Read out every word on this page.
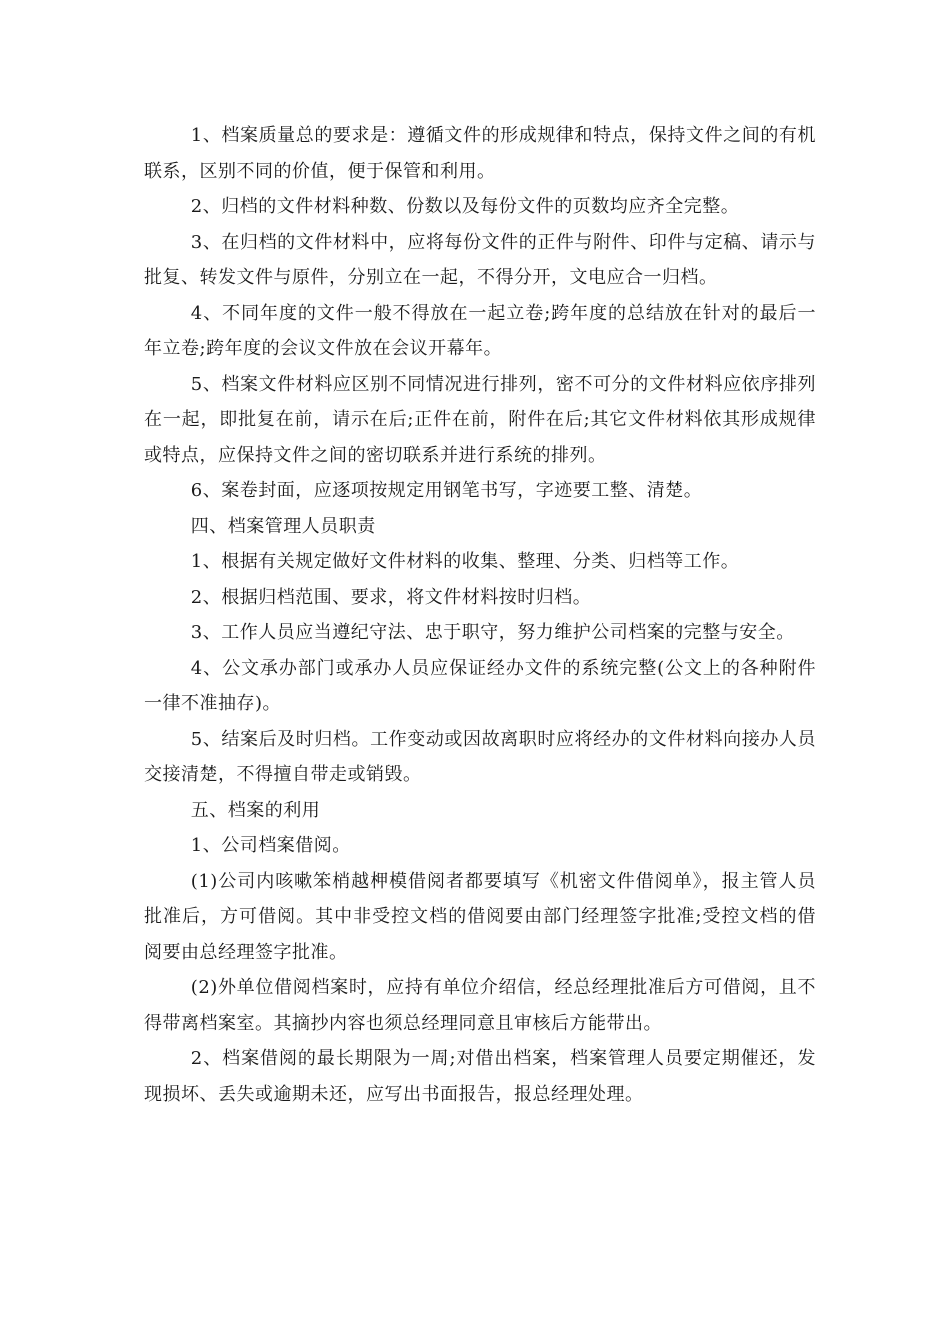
1、档案质量总的要求是：遵循文件的形成规律和特点，保持文件之间的有机联系，区别不同的价值，便于保管和利用。

2、归档的文件材料种数、份数以及每份文件的页数均应齐全完整。

3、在归档的文件材料中，应将每份文件的正件与附件、印件与定稿、请示与批复、转发文件与原件，分别立在一起，不得分开，文电应合一归档。

4、不同年度的文件一般不得放在一起立卷;跨年度的总结放在针对的最后一年立卷;跨年度的会议文件放在会议开幕年。

5、档案文件材料应区别不同情况进行排列，密不可分的文件材料应依序排列在一起，即批复在前，请示在后;正件在前，附件在后;其它文件材料依其形成规律或特点，应保持文件之间的密切联系并进行系统的排列。

6、案卷封面，应逐项按规定用钢笔书写，字迹要工整、清楚。

四、档案管理人员职责

1、根据有关规定做好文件材料的收集、整理、分类、归档等工作。

2、根据归档范围、要求，将文件材料按时归档。

3、工作人员应当遵纪守法、忠于职守，努力维护公司档案的完整与安全。

4、公文承办部门或承办人员应保证经办文件的系统完整(公文上的各种附件一律不准抽存)。

5、结案后及时归档。工作变动或因故离职时应将经办的文件材料向接办人员交接清楚，不得擅自带走或销毁。

五、档案的利用

1、公司档案借阅。

(1)公司内咳嗽笨梢越柙模借阅者都要填写《机密文件借阅单》，报主管人员批准后，方可借阅。其中非受控文档的借阅要由部门经理签字批准;受控文档的借阅要由总经理签字批准。

(2)外单位借阅档案时，应持有单位介绍信，经总经理批准后方可借阅，且不得带离档案室。其摘抄内容也须总经理同意且审核后方能带出。

2、档案借阅的最长期限为一周;对借出档案，档案管理人员要定期催还，发现损坏、丢失或逾期未还，应写出书面报告，报总经理处理。
